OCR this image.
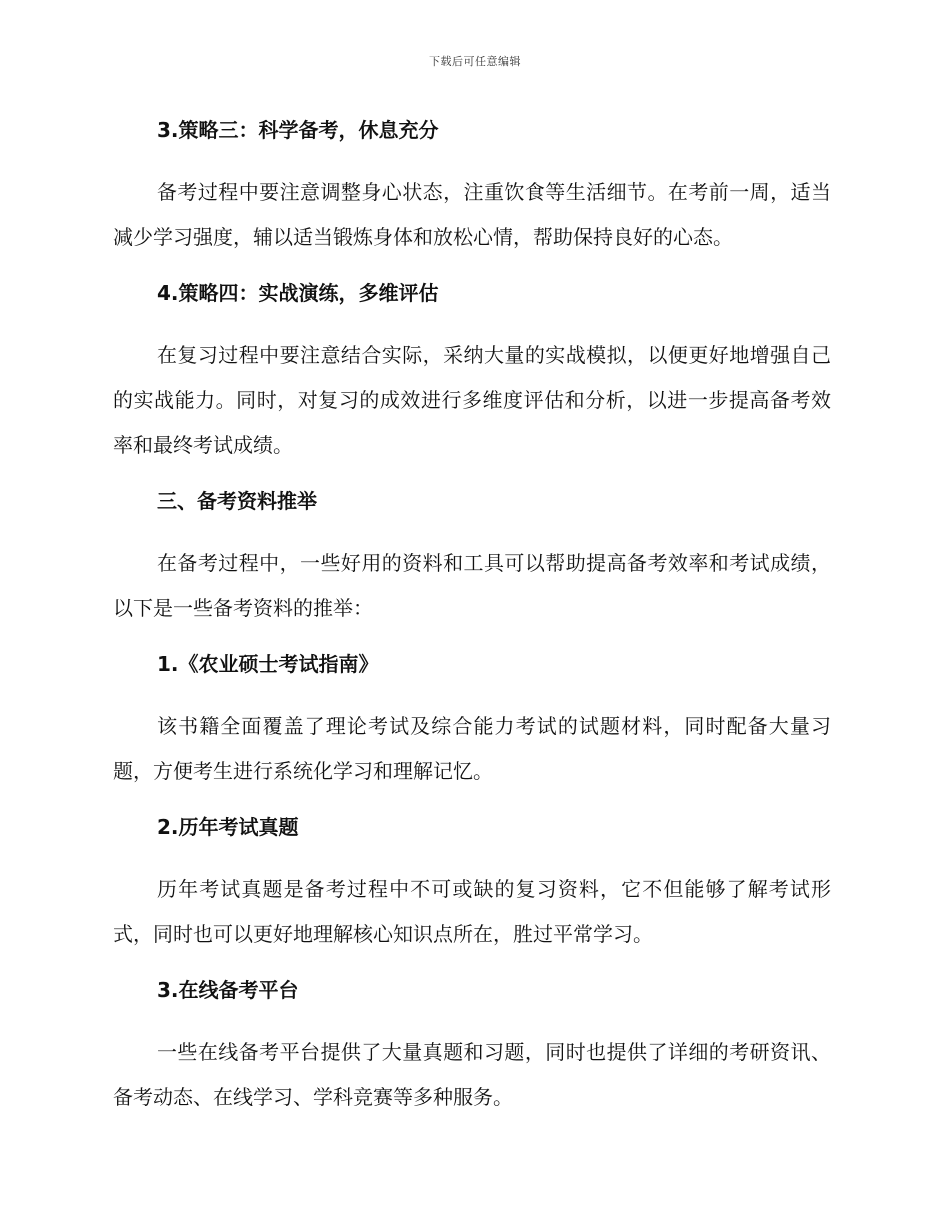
下载后可任意编辑
3.策略三：科学备考，休息充分

备考过程中要注意调整身心状态，注重饮食等生活细节。在考前一周，适当减少学习强度，辅以适当锻炼身体和放松心情，帮助保持良好的心态。

4.策略四：实战演练，多维评估

在复习过程中要注意结合实际，采纳大量的实战模拟，以便更好地增强自己的实战能力。同时，对复习的成效进行多维度评估和分析，以进一步提高备考效率和最终考试成绩。

三、备考资料推举

在备考过程中，一些好用的资料和工具可以帮助提高备考效率和考试成绩，以下是一些备考资料的推举：

1.《农业硕士考试指南》

该书籍全面覆盖了理论考试及综合能力考试的试题材料，同时配备大量习题，方便考生进行系统化学习和理解记忆。

2.历年考试真题

历年考试真题是备考过程中不可或缺的复习资料，它不但能够了解考试形式，同时也可以更好地理解核心知识点所在，胜过平常学习。

3.在线备考平台

一些在线备考平台提供了大量真题和习题，同时也提供了详细的考研资讯、备考动态、在线学习、学科竞赛等多种服务。
